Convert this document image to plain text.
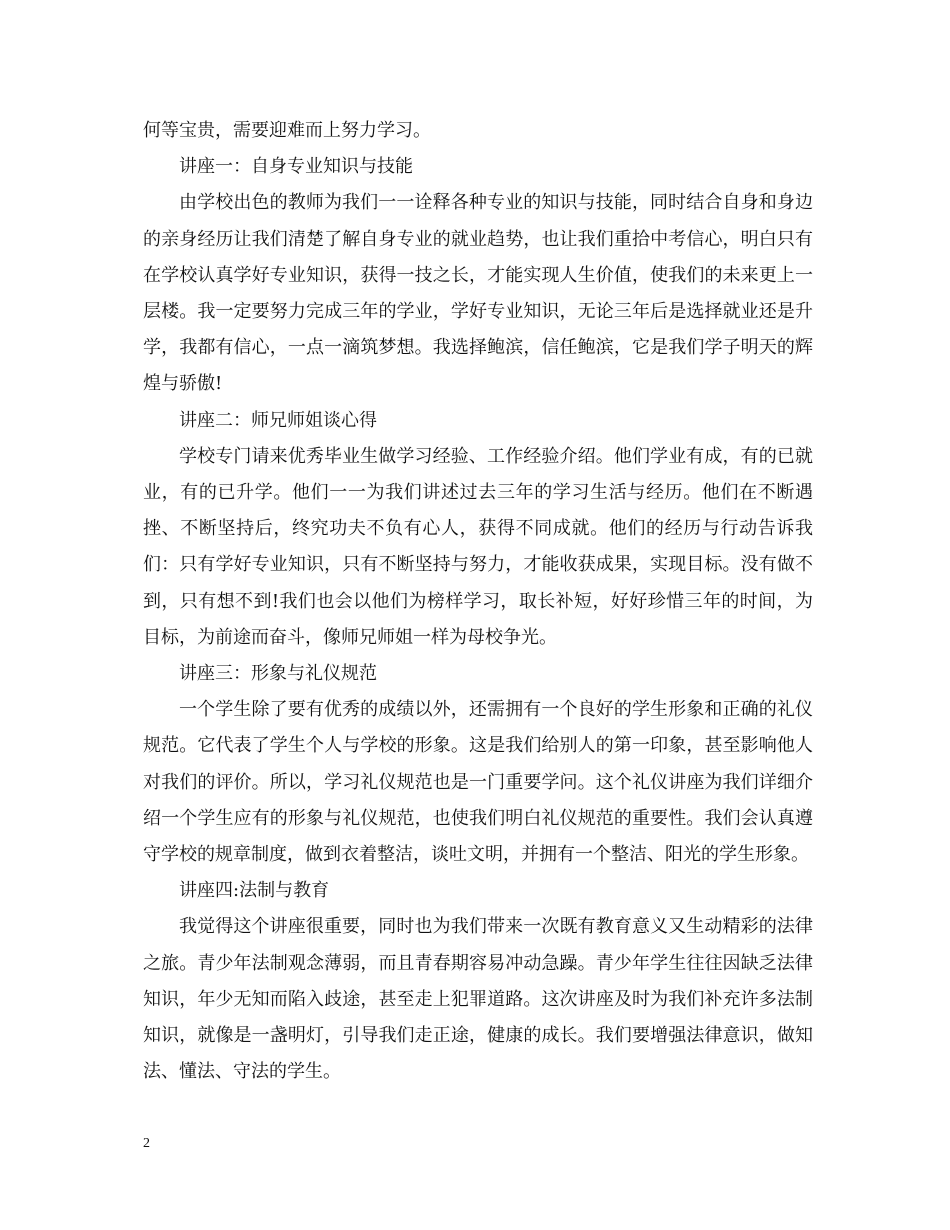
何等宝贵，需要迎难而上努力学习。

讲座一：自身专业知识与技能

由学校出色的教师为我们一一诠释各种专业的知识与技能，同时结合自身和身边的亲身经历让我们清楚了解自身专业的就业趋势，也让我们重拾中考信心，明白只有在学校认真学好专业知识，获得一技之长，才能实现人生价值，使我们的未来更上一层楼。我一定要努力完成三年的学业，学好专业知识，无论三年后是选择就业还是升学，我都有信心，一点一滴筑梦想。我选择鲍滨，信任鲍滨，它是我们学子明天的辉煌与骄傲!

讲座二：师兄师姐谈心得

学校专门请来优秀毕业生做学习经验、工作经验介绍。他们学业有成，有的已就业，有的已升学。他们一一为我们讲述过去三年的学习生活与经历。他们在不断遇挫、不断坚持后，终究功夫不负有心人，获得不同成就。他们的经历与行动告诉我们：只有学好专业知识，只有不断坚持与努力，才能收获成果，实现目标。没有做不到，只有想不到!我们也会以他们为榜样学习，取长补短，好好珍惜三年的时间，为目标，为前途而奋斗，像师兄师姐一样为母校争光。

讲座三：形象与礼仪规范

一个学生除了要有优秀的成绩以外，还需拥有一个良好的学生形象和正确的礼仪规范。它代表了学生个人与学校的形象。这是我们给别人的第一印象，甚至影响他人对我们的评价。所以，学习礼仪规范也是一门重要学问。这个礼仪讲座为我们详细介绍一个学生应有的形象与礼仪规范，也使我们明白礼仪规范的重要性。我们会认真遵守学校的规章制度，做到衣着整洁，谈吐文明，并拥有一个整洁、阳光的学生形象。

讲座四:法制与教育

我觉得这个讲座很重要，同时也为我们带来一次既有教育意义又生动精彩的法律之旅。青少年法制观念薄弱，而且青春期容易冲动急躁。青少年学生往往因缺乏法律知识，年少无知而陷入歧途，甚至走上犯罪道路。这次讲座及时为我们补充许多法制知识，就像是一盏明灯，引导我们走正途，健康的成长。我们要增强法律意识，做知法、懂法、守法的学生。

2
